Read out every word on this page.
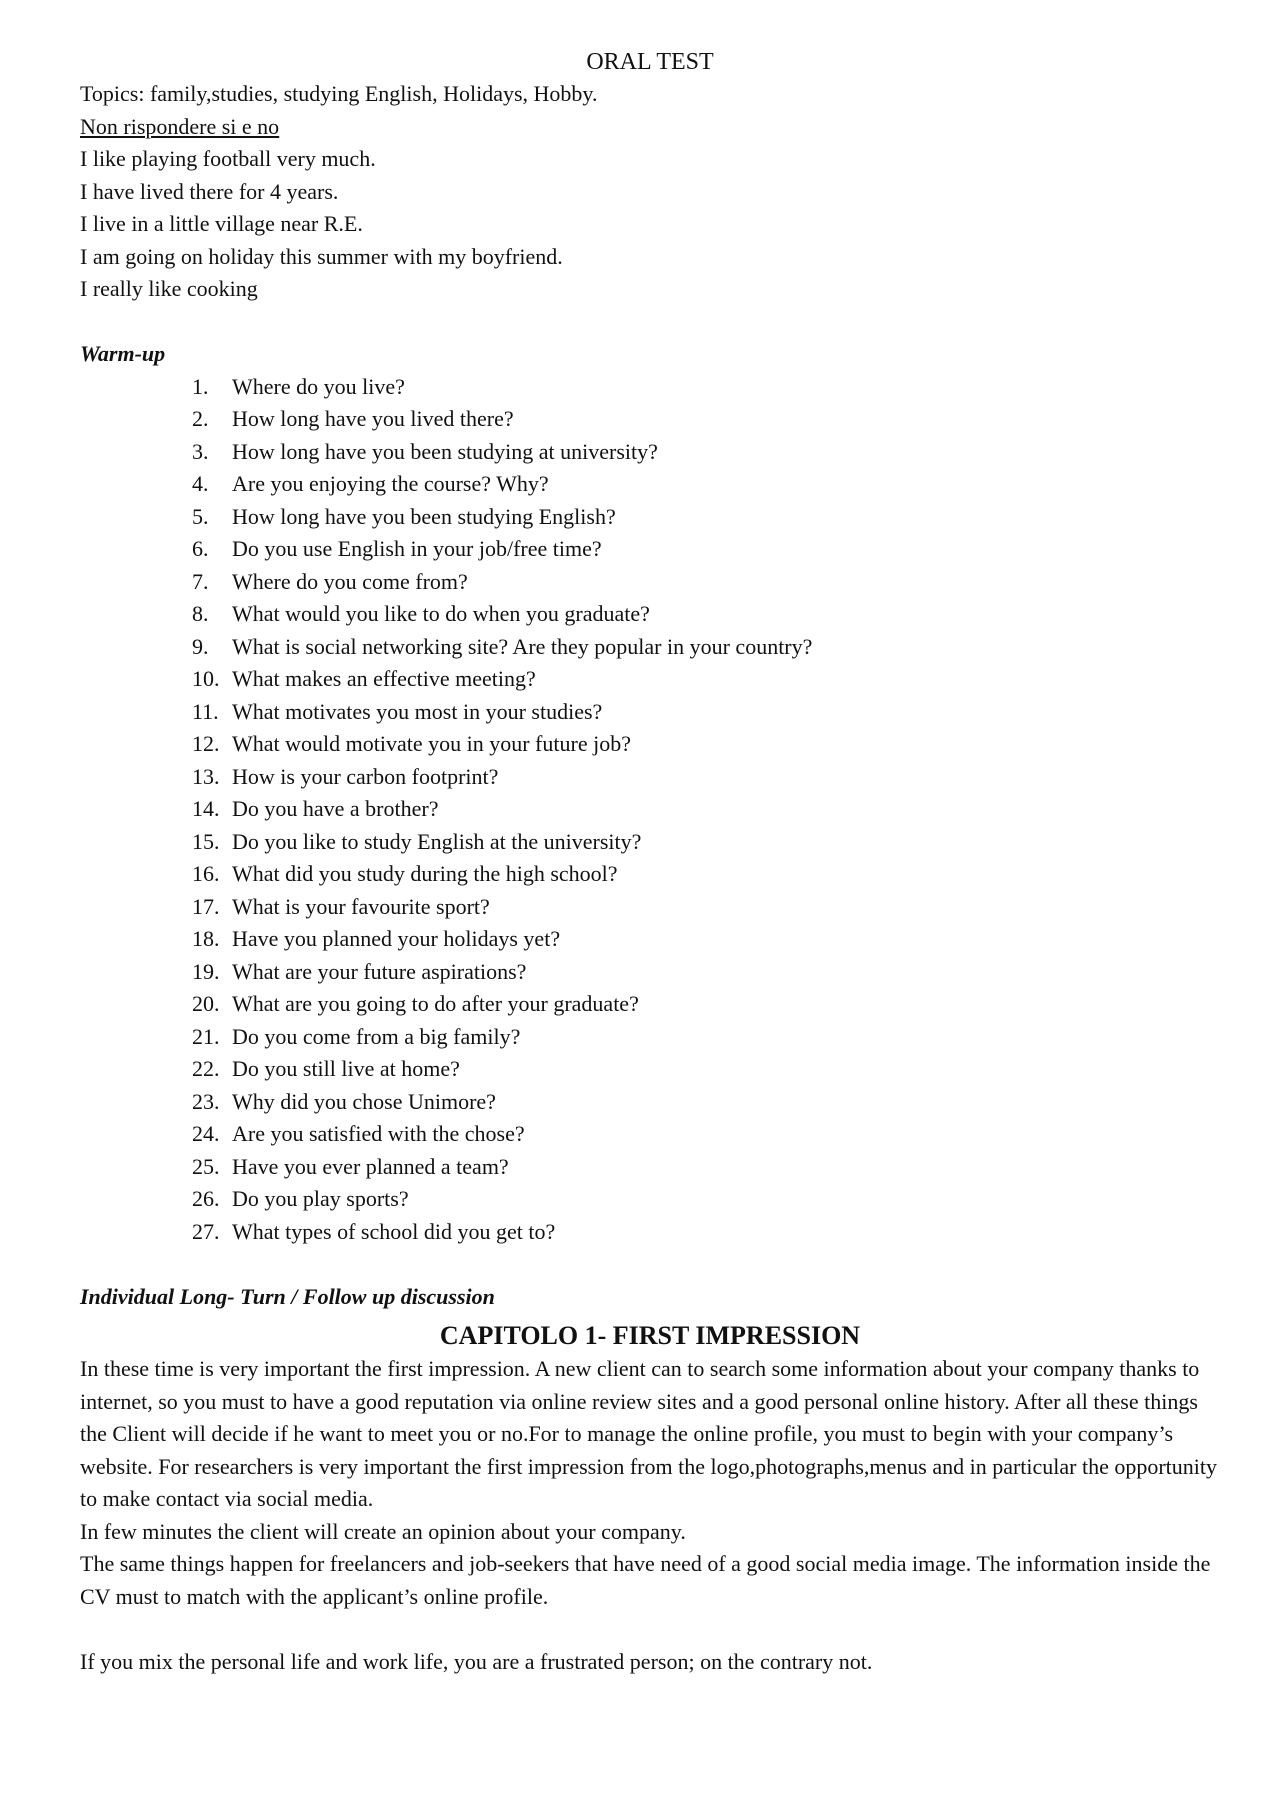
ORAL TEST
Topics: family,studies, studying English, Holidays, Hobby.
Non rispondere si e no
I like playing football very much.
I have lived there for 4 years.
I live in a little village near R.E.
I am going on holiday this summer with my boyfriend.
I really like cooking
Warm-up
1. Where do you live?
2. How long have you lived there?
3. How long have you been studying at university?
4. Are you enjoying the course? Why?
5. How long have you been studying English?
6. Do you use English in your job/free time?
7. Where do you come from?
8. What would you like to do when you graduate?
9. What is social networking site? Are they popular in your country?
10. What makes an effective meeting?
11. What motivates you most in your studies?
12. What would motivate you in your future job?
13. How is your carbon footprint?
14. Do you have a brother?
15. Do you like to study English at the university?
16. What did you study during the high school?
17. What is your favourite sport?
18. Have you planned your holidays yet?
19. What are your future aspirations?
20. What are you going to do after your graduate?
21. Do you come from a big family?
22. Do you still live at home?
23. Why did you chose Unimore?
24. Are you satisfied with the chose?
25. Have you ever planned a team?
26. Do you play sports?
27. What types of school did you get to?
Individual Long- Turn / Follow up discussion
CAPITOLO 1- FIRST IMPRESSION

In these time is very important the first impression. A new client can to search some information about your company thanks to internet, so you must to have a good reputation via online review sites and a good personal online history. After all these things the Client will decide if he want to meet you or no.For to manage the online profile, you must to begin with your company’s website. For researchers is very important the first impression from the logo,photographs,menus and in particular the opportunity to make contact via social media.

In few minutes the client will create an opinion about your company.

The same things happen for freelancers and job-seekers that have need of a good social media image. The information inside the CV must to match with the applicant’s online profile.

If you mix the personal life and work life, you are a frustrated person; on the contrary not.
